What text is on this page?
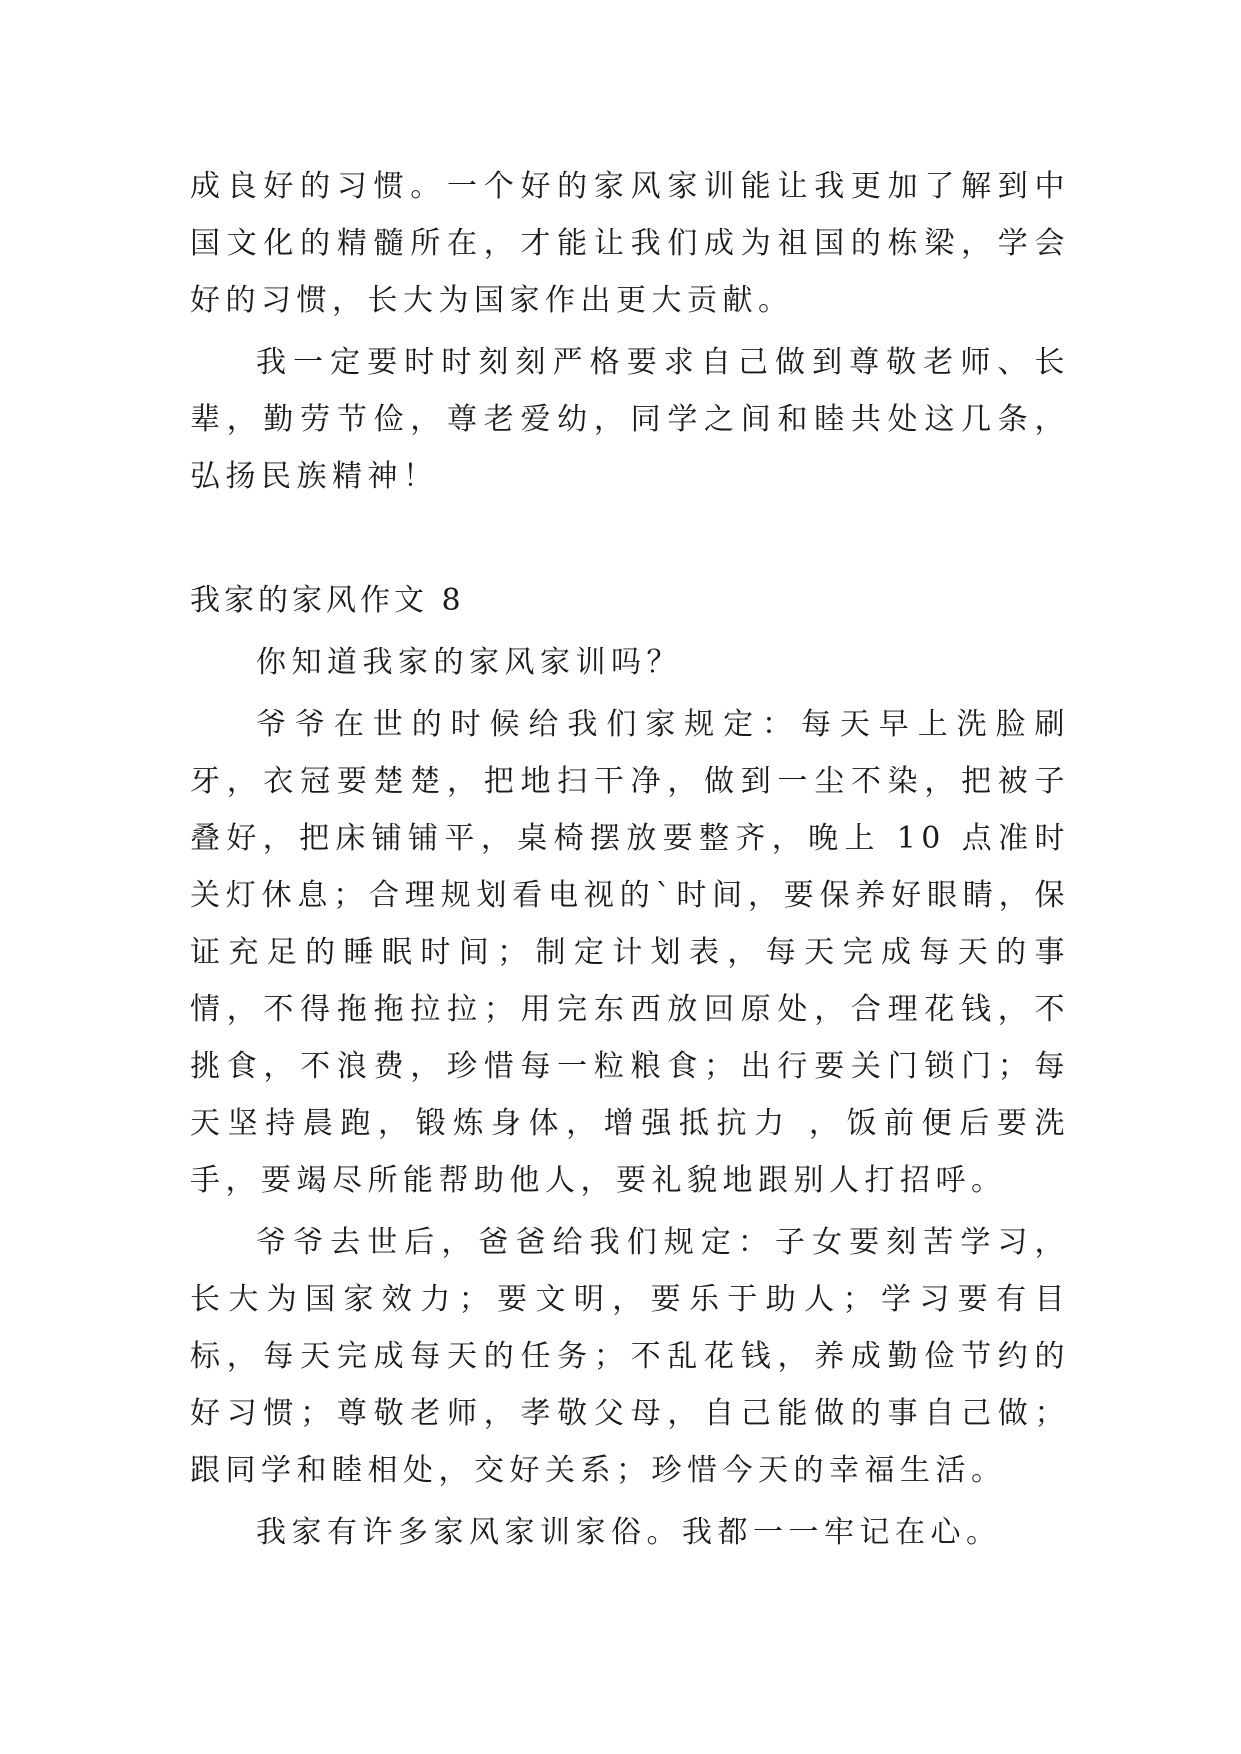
成良好的习惯。一个好的家风家训能让我更加了解到中国文化的精髓所在，才能让我们成为祖国的栋梁，学会好的习惯，长大为国家作出更大贡献。

我一定要时时刻刻严格要求自己做到尊敬老师、长辈，勤劳节俭，尊老爱幼，同学之间和睦共处这几条，弘扬民族精神！

我家的家风作文 8

你知道我家的家风家训吗？

爷爷在世的时候给我们家规定：每天早上洗脸刷牙，衣冠要楚楚，把地扫干净，做到一尘不染，把被子叠好，把床铺铺平，桌椅摆放要整齐，晚上 10 点准时关灯休息；合理规划看电视的`时间，要保养好眼睛，保证充足的睡眠时间；制定计划表，每天完成每天的事情，不得拖拖拉拉；用完东西放回原处，合理花钱，不挑食，不浪费，珍惜每一粒粮食；出行要关门锁门；每天坚持晨跑，锻炼身体，增强抵抗力 ，饭前便后要洗手，要竭尽所能帮助他人，要礼貌地跟别人打招呼。

爷爷去世后，爸爸给我们规定：子女要刻苦学习，长大为国家效力；要文明，要乐于助人；学习要有目标，每天完成每天的任务；不乱花钱，养成勤俭节约的好习惯；尊敬老师，孝敬父母，自己能做的事自己做；跟同学和睦相处，交好关系；珍惜今天的幸福生活。

我家有许多家风家训家俗。我都一一牢记在心。
